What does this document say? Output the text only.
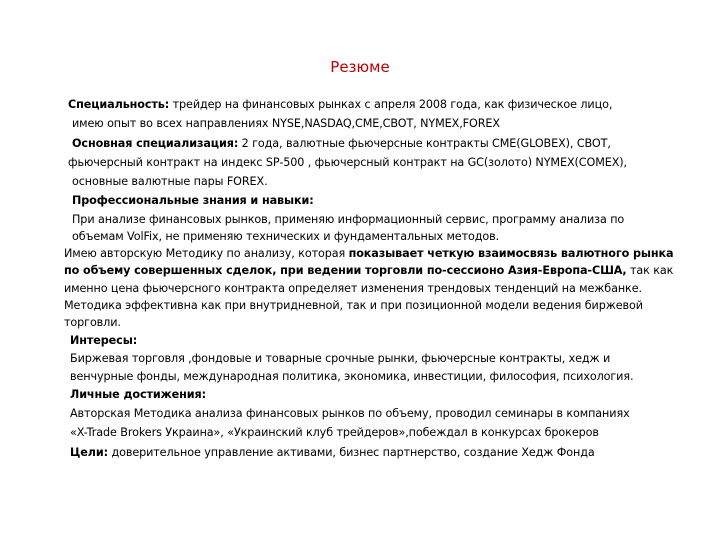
Резюме
Специальность: трейдер на финансовых рынках с апреля 2008 года, как физическое лицо,
имею опыт во всех направлениях NYSE,NASDAQ,CME,CBOT, NYMEX,FOREX
Основная специализация: 2 года, валютные фьючерсные контракты CME(GLOBEX), CBOT,
фьючерсный контракт на индекс SP-500 , фьючерсный контракт на GC(золото) NYMEX(COMEX),
основные валютные пары FOREX.
Профессиональные знания и навыки:
При анализе финансовых рынков, применяю информационный сервис, программу анализа по
объемам VolFix, не применяю технических и фундаментальных методов.
Имею авторскую Методику по анализу, которая показывает четкую взаимосвязь валютного рынка
по объему совершенных сделок, при ведении торговли по-сессионо Азия-Европа-США, так как
именно цена фьючерсного контракта определяет изменения трендовых тенденций на межбанке.
Методика эффективна как при внутридневной, так и при позиционной модели ведения биржевой
торговли.
Интересы:
Биржевая торговля ,фондовые и товарные срочные рынки, фьючерсные контракты, хедж и
венчурные фонды, международная политика, экономика, инвестиции, философия, психология.
Личные достижения:
Авторская Методика анализа финансовых рынков по объему, проводил семинары в компаниях
«X-Trade Brokers Украина», «Украинский клуб трейдеров»,побеждал в конкурсах брокеров
Цели: доверительное управление активами, бизнес партнерство, создание Хедж Фонда
